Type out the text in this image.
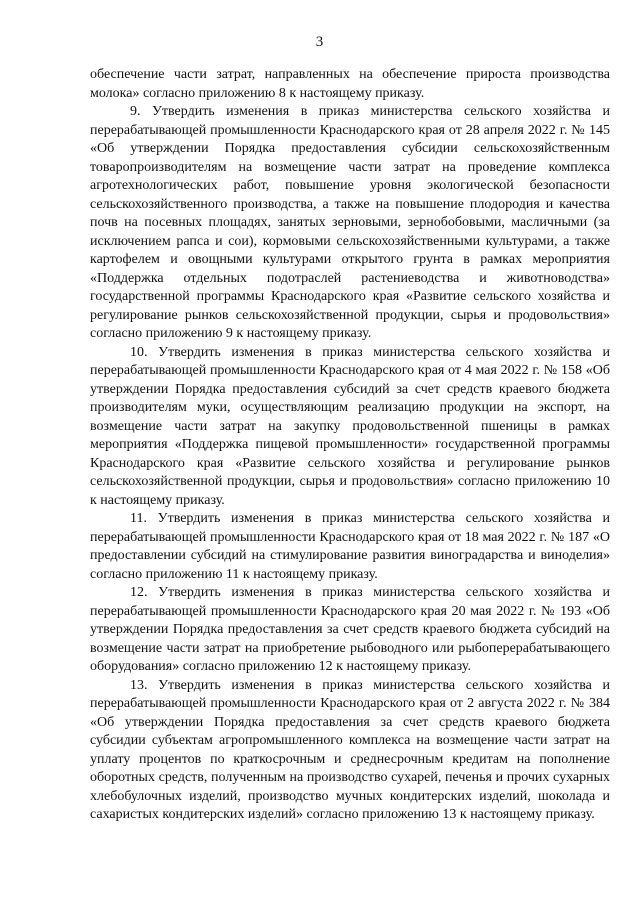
3

обеспечение части затрат, направленных на обеспечение прироста производства молока» согласно приложению 8 к настоящему приказу.

9. Утвердить изменения в приказ министерства сельского хозяйства и перерабатывающей промышленности Краснодарского края от 28 апреля 2022 г. № 145 «Об утверждении Порядка предоставления субсидии сельскохозяйственным товаропроизводителям на возмещение части затрат на проведение комплекса агротехнологических работ, повышение уровня экологической безопасности сельскохозяйственного производства, а также на повышение плодородия и качества почв на посевных площадях, занятых зерновыми, зернобобовыми, масличными (за исключением рапса и сои), кормовыми сельскохозяйственными культурами, а также картофелем и овощными культурами открытого грунта в рамках мероприятия «Поддержка отдельных подотраслей растениеводства и животноводства» государственной программы Краснодарского края «Развитие сельского хозяйства и регулирование рынков сельскохозяйственной продукции, сырья и продовольствия» согласно приложению 9 к настоящему приказу.

10. Утвердить изменения в приказ министерства сельского хозяйства и перерабатывающей промышленности Краснодарского края от 4 мая 2022 г. № 158 «Об утверждении Порядка предоставления субсидий за счет средств краевого бюджета производителям муки, осуществляющим реализацию продукции на экспорт, на возмещение части затрат на закупку продовольственной пшеницы в рамках мероприятия «Поддержка пищевой промышленности» государственной программы Краснодарского края «Развитие сельского хозяйства и регулирование рынков сельскохозяйственной продукции, сырья и продовольствия» согласно приложению 10 к настоящему приказу.

11. Утвердить изменения в приказ министерства сельского хозяйства и перерабатывающей промышленности Краснодарского края от 18 мая 2022 г. № 187 «О предоставлении субсидий на стимулирование развития виноградарства и виноделия» согласно приложению 11 к настоящему приказу.

12. Утвердить изменения в приказ министерства сельского хозяйства и перерабатывающей промышленности Краснодарского края 20 мая 2022 г. № 193 «Об утверждении Порядка предоставления за счет средств краевого бюджета субсидий на возмещение части затрат на приобретение рыбоводного или рыбоперерабатывающего оборудования» согласно приложению 12 к настоящему приказу.

13. Утвердить изменения в приказ министерства сельского хозяйства и перерабатывающей промышленности Краснодарского края от 2 августа 2022 г. № 384 «Об утверждении Порядка предоставления за счет средств краевого бюджета субсидии субъектам агропромышленного комплекса на возмещение части затрат на уплату процентов по краткосрочным и среднесрочным кредитам на пополнение оборотных средств, полученным на производство сухарей, печенья и прочих сухарных хлебобулочных изделий, производство мучных кондитерских изделий, шоколада и сахаристых кондитерских изделий» согласно приложению 13 к настоящему приказу.
